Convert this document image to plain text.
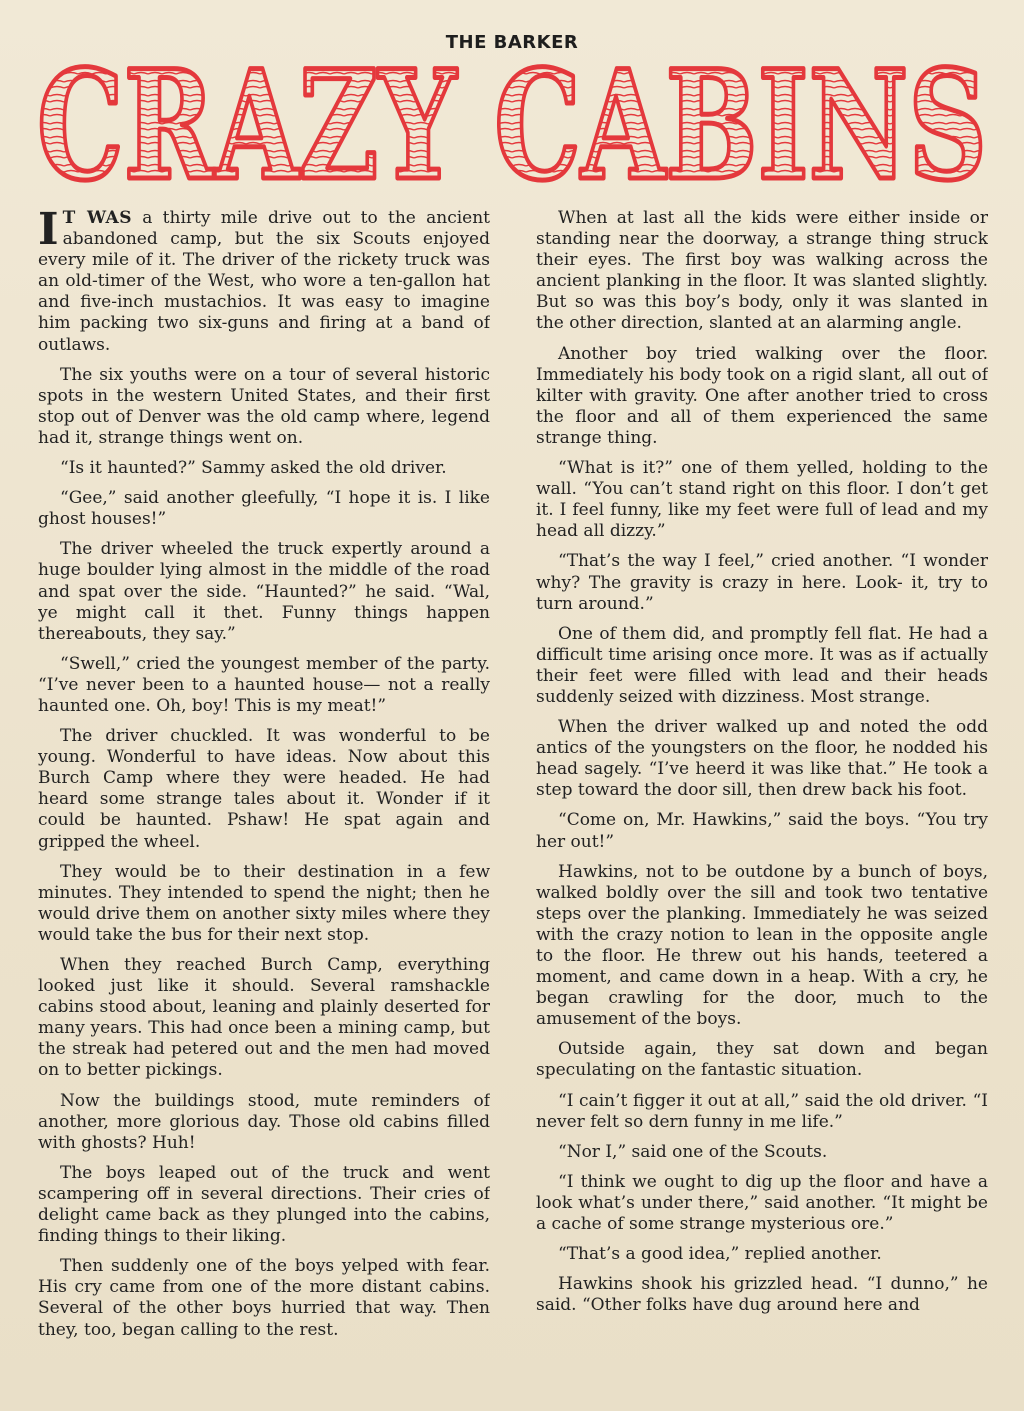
THE BARKER
CRAZY CABINS

I T WAS a thirty mile drive out to the ancient abandoned camp, but the six Scouts enjoyed every mile of it. The driver of the rickety truck was an old-timer of the West, who wore a ten-gallon hat and five-inch mustachios. It was easy to imagine him packing two six-guns and firing at a band of outlaws.

The six youths were on a tour of several historic spots in the western United States, and their first stop out of Denver was the old camp where, legend had it, strange things went on.

“Is it haunted?” Sammy asked the old driver.

“Gee,” said another gleefully, “I hope it is. I like ghost houses!”

The driver wheeled the truck expertly around a huge boulder lying almost in the middle of the road and spat over the side. “Haunted?” he said. “Wal, ye might call it thet. Funny things happen thereabouts, they say.”

“Swell,” cried the youngest member of the party. “I’ve never been to a haunted house— not a really haunted one. Oh, boy! This is my meat!”

The driver chuckled. It was wonderful to be young. Wonderful to have ideas. Now about this Burch Camp where they were headed. He had heard some strange tales about it. Wonder if it could be haunted. Pshaw! He spat again and gripped the wheel.

They would be to their destination in a few minutes. They intended to spend the night; then he would drive them on another sixty miles where they would take the bus for their next stop.

When they reached Burch Camp, everything looked just like it should. Several ramshackle cabins stood about, leaning and plainly deserted for many years. This had once been a mining camp, but the streak had petered out and the men had moved on to better pickings.

Now the buildings stood, mute reminders of another, more glorious day. Those old cabins filled with ghosts? Huh!

The boys leaped out of the truck and went scampering off in several directions. Their cries of delight came back as they plunged into the cabins, finding things to their liking.

Then suddenly one of the boys yelped with fear. His cry came from one of the more distant cabins. Several of the other boys hurried that way. Then they, too, began calling to the rest.

When at last all the kids were either inside or standing near the doorway, a strange thing struck their eyes. The first boy was walking across the ancient planking in the floor. It was slanted slightly. But so was this boy’s body, only it was slanted in the other direction, slanted at an alarming angle.

Another boy tried walking over the floor. Immediately his body took on a rigid slant, all out of kilter with gravity. One after another tried to cross the floor and all of them experienced the same strange thing.

“What is it?” one of them yelled, holding to the wall. “You can’t stand right on this floor. I don’t get it. I feel funny, like my feet were full of lead and my head all dizzy.”

“That’s the way I feel,” cried another. “I wonder why? The gravity is crazy in here. Look- it, try to turn around.”

One of them did, and promptly fell flat. He had a difficult time arising once more. It was as if actually their feet were filled with lead and their heads suddenly seized with dizziness. Most strange.

When the driver walked up and noted the odd antics of the youngsters on the floor, he nodded his head sagely. “I’ve heerd it was like that.” He took a step toward the door sill, then drew back his foot.

“Come on, Mr. Hawkins,” said the boys. “You try her out!”

Hawkins, not to be outdone by a bunch of boys, walked boldly over the sill and took two tentative steps over the planking. Immediately he was seized with the crazy notion to lean in the opposite angle to the floor. He threw out his hands, teetered a moment, and came down in a heap. With a cry, he began crawling for the door, much to the amusement of the boys.

Outside again, they sat down and began speculating on the fantastic situation.

“I cain’t figger it out at all,” said the old driver. “I never felt so dern funny in me life.”

“Nor I,” said one of the Scouts.

“I think we ought to dig up the floor and have a look what’s under there,” said another. “It might be a cache of some strange mysterious ore.”

“That’s a good idea,” replied another.

Hawkins shook his grizzled head. “I dunno,” he said. “Other folks have dug around here and
